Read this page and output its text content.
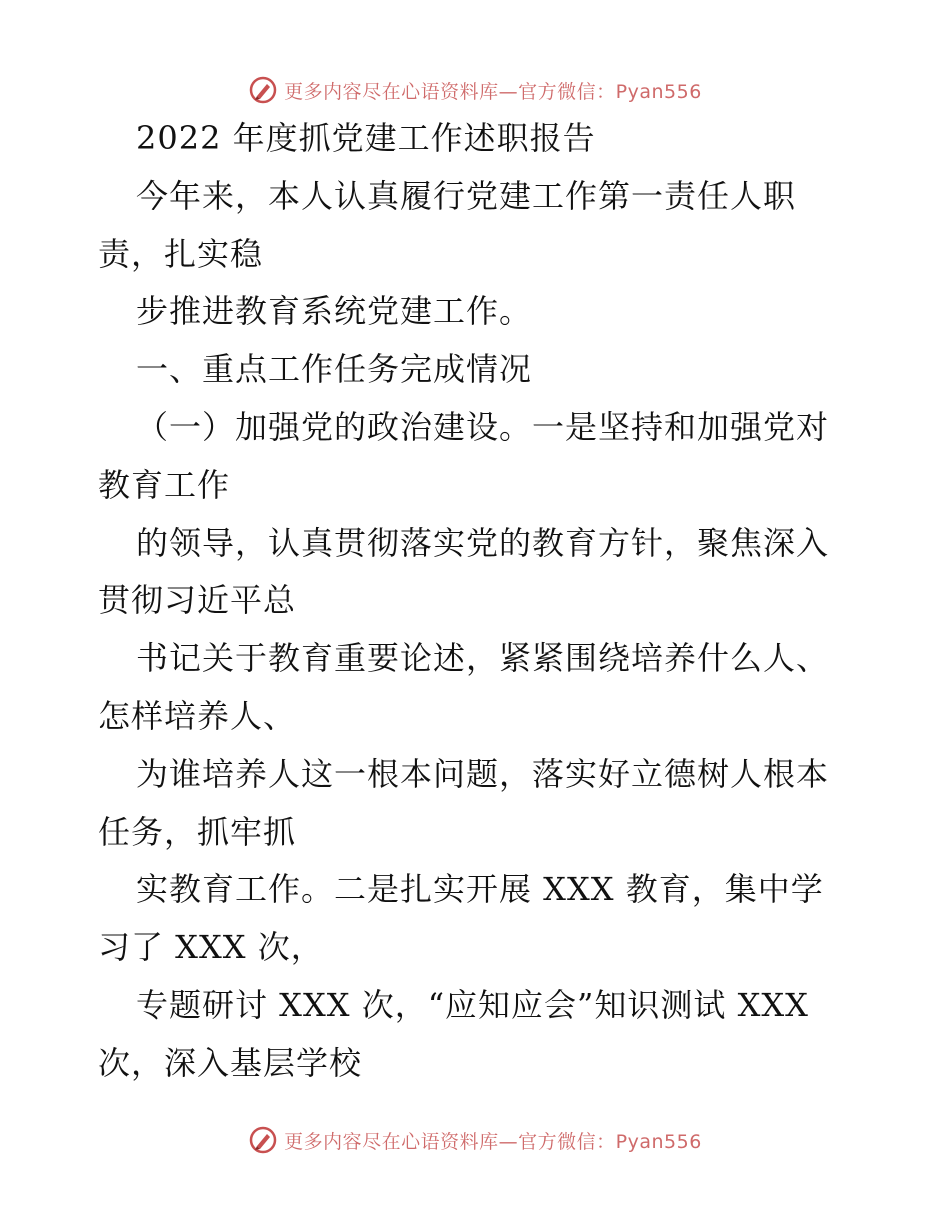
更多内容尽在心语资料库—官方微信：Pyan556
2022 年度抓党建工作述职报告
今年来，本人认真履行党建工作第一责任人职
责，扎实稳
步推进教育系统党建工作。
一、重点工作任务完成情况
（一）加强党的政治建设。一是坚持和加强党对
教育工作
的领导，认真贯彻落实党的教育方针，聚焦深入
贯彻习近平总
书记关于教育重要论述，紧紧围绕培养什么人、
怎样培养人、
为谁培养人这一根本问题，落实好立德树人根本
任务，抓牢抓
实教育工作。二是扎实开展 XXX 教育，集中学
习了 XXX 次，
专题研讨 XXX 次，“应知应会”知识测试 XXX
次，深入基层学校
更多内容尽在心语资料库—官方微信：Pyan556
